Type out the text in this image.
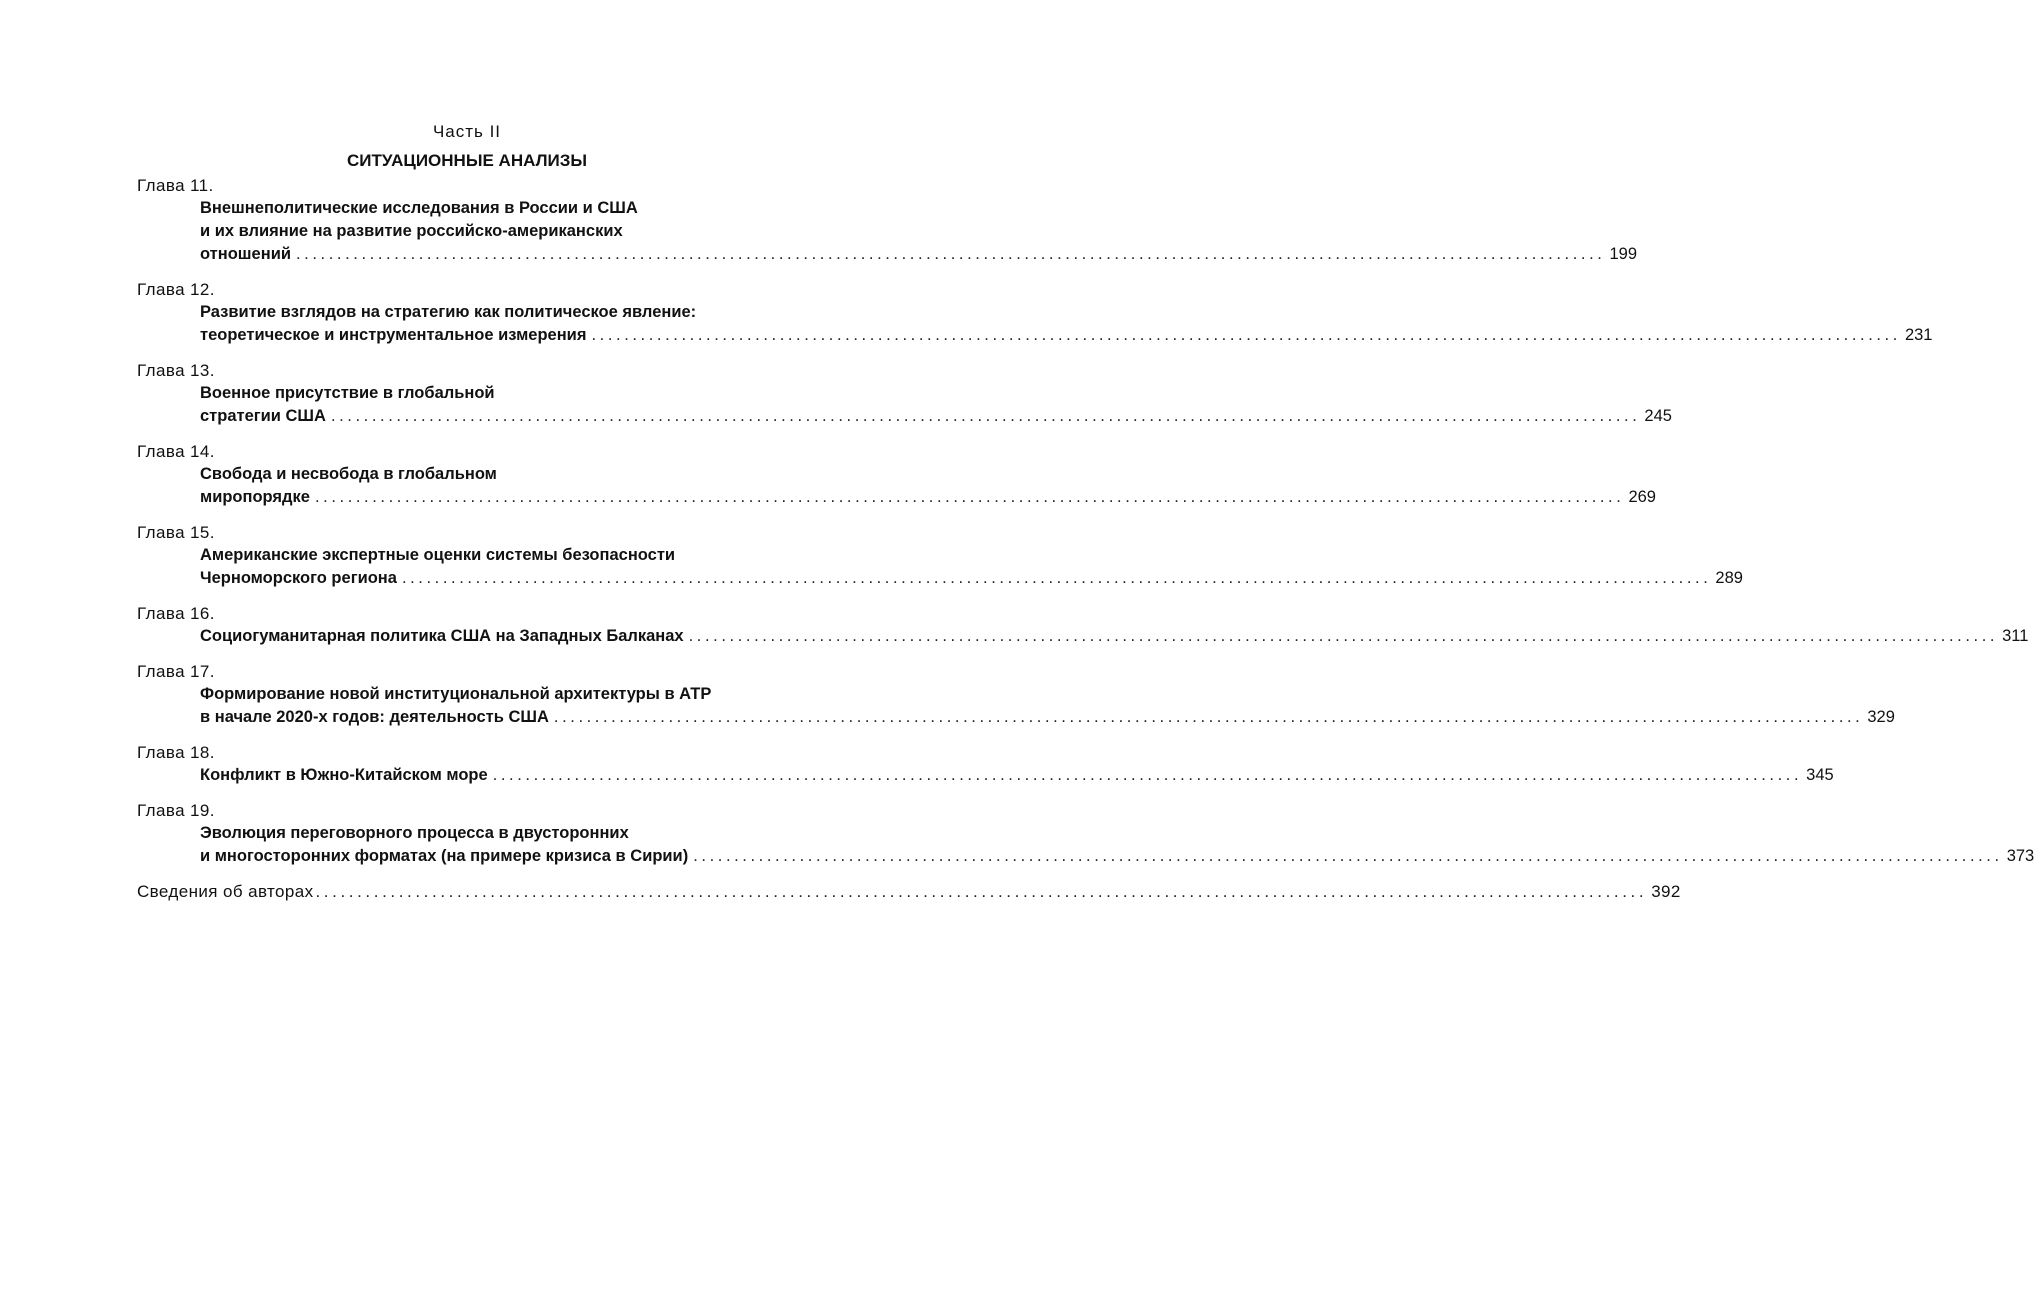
Часть II
СИТУАЦИОННЫЕ АНАЛИЗЫ
Глава 11.
Внешнеполитические исследования в России и США
и их влияние на развитие российско-американских
отношений ................................................................................................................................................................ 199
Глава 12.
Развитие взглядов на стратегию как политическое явление:
теоретическое и инструментальное измерения ................................................................................................................................................................ 231
Глава 13.
Военное присутствие в глобальной
стратегии США ................................................................................................................................................................ 245
Глава 14.
Свобода и несвобода в глобальном
миропорядке ................................................................................................................................................................ 269
Глава 15.
Американские экспертные оценки системы безопасности
Черноморского региона ................................................................................................................................................................ 289
Глава 16.
Социогуманитарная политика США на Западных Балканах ................................................................................................................................................................ 311
Глава 17.
Формирование новой институциональной архитектуры в АТР
в начале 2020-х годов: деятельность США ................................................................................................................................................................ 329
Глава 18.
Конфликт в Южно-Китайском море ................................................................................................................................................................ 345
Глава 19.
Эволюция переговорного процесса в двусторонних
и многосторонних форматах (на примере кризиса в Сирии) ................................................................................................................................................................ 373
Сведения об авторах ................................................................................................................................................................ 392
